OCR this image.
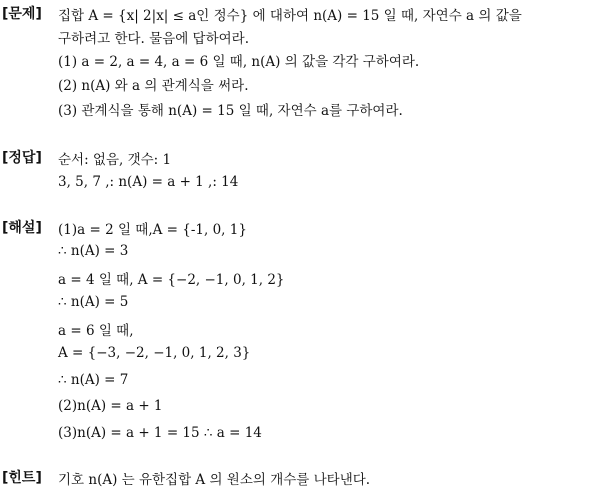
[문제] 집합 A = {x| 2|x| ≤ a인 정수} 에 대하여 n(A) = 15 일 때, 자연수 a 의 값을
구하려고 한다. 물음에 답하여라.
(1) a = 2, a = 4, a = 6 일 때, n(A) 의 값을 각각 구하여라.
(2) n(A) 와 a 의 관계식을 써라.
(3) 관계식을 통해 n(A) = 15 일 때, 자연수 a를 구하여라.
[정답] 순서: 없음, 갯수: 1
3, 5, 7 ,: n(A) = a + 1 ,: 14
[해설] (1)a = 2 일 때,A = {-1, 0, 1}
∴ n(A) = 3
a = 4 일 때, A = {−2, −1, 0, 1, 2}
∴ n(A) = 5
a = 6 일 때,
A = {−3, −2, −1, 0, 1, 2, 3}
∴ n(A) = 7
(2)n(A) = a + 1
(3)n(A) = a + 1 = 15 ∴ a = 14
[힌트] 기호 n(A) 는 유한집합 A 의 원소의 개수를 나타낸다.
